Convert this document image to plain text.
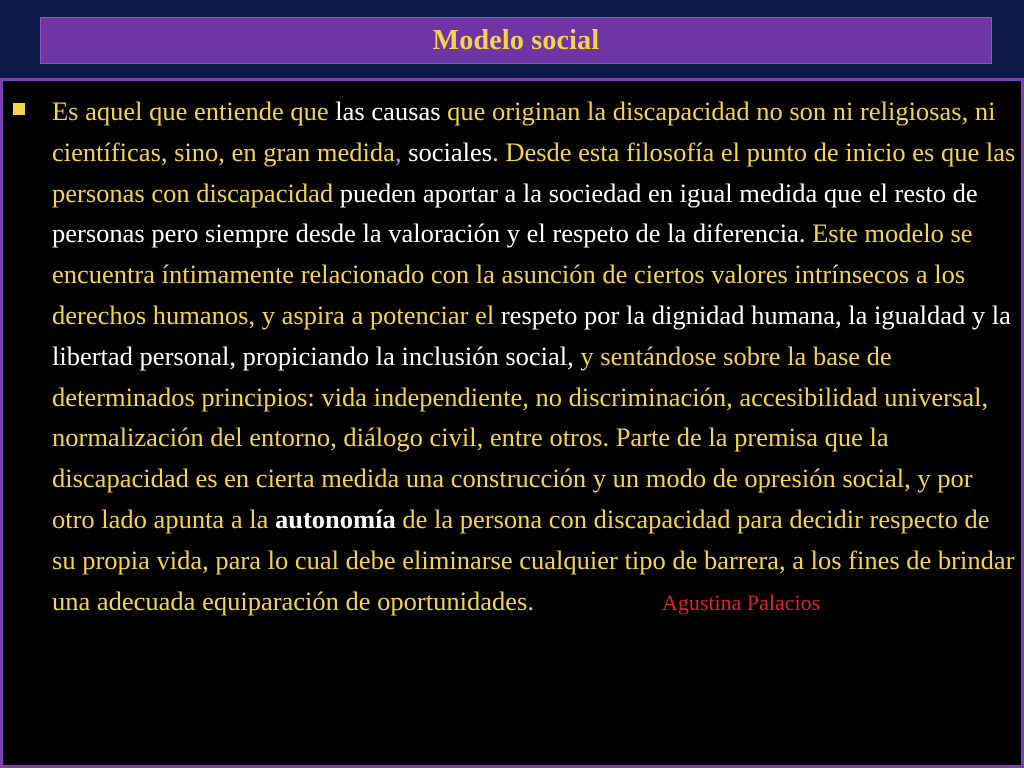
Modelo social

Es aquel que entiende que las causas que originan la discapacidad no son ni religiosas, ni científicas, sino, en gran medida, sociales. Desde esta filosofía el punto de inicio es que las personas con discapacidad pueden aportar a la sociedad en igual medida que el resto de personas pero siempre desde la valoración y el respeto de la diferencia. Este modelo se encuentra íntimamente relacionado con la asunción de ciertos valores intrínsecos a los derechos humanos, y aspira a potenciar el respeto por la dignidad humana, la igualdad y la libertad personal, propiciando la inclusión social, y sentándose sobre la base de determinados principios: vida independiente, no discriminación, accesibilidad universal, normalización del entorno, diálogo civil, entre otros. Parte de la premisa que la discapacidad es en cierta medida una construcción y un modo de opresión social, y por otro lado apunta a la autonomía de la persona con discapacidad para decidir respecto de su propia vida, para lo cual debe eliminarse cualquier tipo de barrera, a los fines de brindar una adecuada equiparación de oportunidades.	Agustina Palacios
